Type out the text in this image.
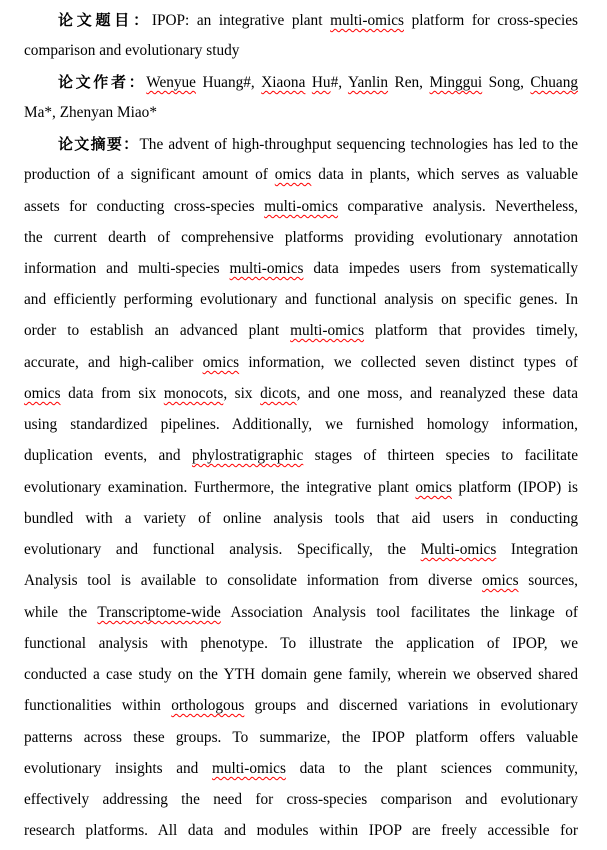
论文题目：IPOP: an integrative plant multi-omics platform for cross-species
comparison and evolutionary study
论文作者：Wenyue Huang#, Xiaona Hu#, Yanlin Ren, Minggui Song, Chuang
Ma*, Zhenyan Miao*
论文摘要：The advent of high-throughput sequencing technologies has led to the
production of a significant amount of omics data in plants, which serves as valuable
assets for conducting cross-species multi-omics comparative analysis. Nevertheless,
the current dearth of comprehensive platforms providing evolutionary annotation
information and multi-species multi-omics data impedes users from systematically
and efficiently performing evolutionary and functional analysis on specific genes. In
order to establish an advanced plant multi-omics platform that provides timely,
accurate, and high-caliber omics information, we collected seven distinct types of
omics data from six monocots, six dicots, and one moss, and reanalyzed these data
using standardized pipelines. Additionally, we furnished homology information,
duplication events, and phylostratigraphic stages of thirteen species to facilitate
evolutionary examination. Furthermore, the integrative plant omics platform (IPOP) is
bundled with a variety of online analysis tools that aid users in conducting
evolutionary and functional analysis. Specifically, the Multi-omics Integration
Analysis tool is available to consolidate information from diverse omics sources,
while the Transcriptome-wide Association Analysis tool facilitates the linkage of
functional analysis with phenotype. To illustrate the application of IPOP, we
conducted a case study on the YTH domain gene family, wherein we observed shared
functionalities within orthologous groups and discerned variations in evolutionary
patterns across these groups. To summarize, the IPOP platform offers valuable
evolutionary insights and multi-omics data to the plant sciences community,
effectively addressing the need for cross-species comparison and evolutionary
research platforms. All data and modules within IPOP are freely accessible for
